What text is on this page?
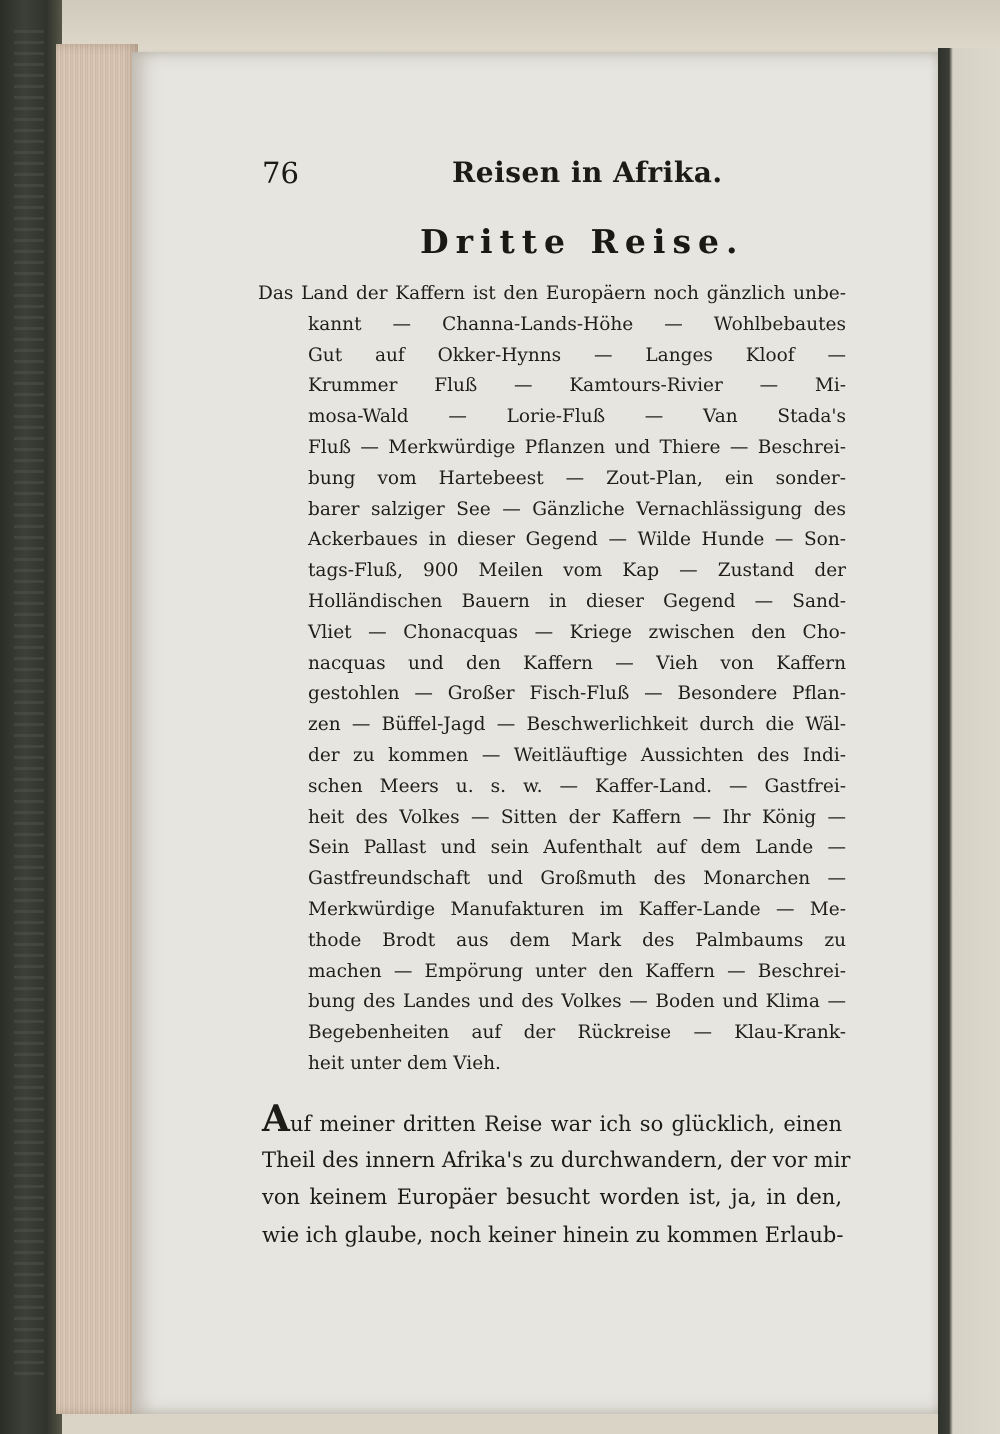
76	Reisen in Afrika.
Dritte Reise.
Das Land der Kaffern ist den Europäern noch gänzlich unbe-
kannt — Channa-Lands-Höhe — Wohlbebautes
Gut auf Okker-Hynns — Langes Kloof —
Krummer Fluß — Kamtours-Rivier — Mi-
mosa-Wald — Lorie-Fluß — Van Stada's
Fluß — Merkwürdige Pflanzen und Thiere — Beschrei-
bung vom Hartebeest — Zout-Plan, ein sonder-
barer salziger See — Gänzliche Vernachlässigung des
Ackerbaues in dieser Gegend — Wilde Hunde — Son-
tags-Fluß, 900 Meilen vom Kap — Zustand der
Holländischen Bauern in dieser Gegend — Sand-
Vliet — Chonacquas — Kriege zwischen den Cho-
nacquas und den Kaffern — Vieh von Kaffern
gestohlen — Großer Fisch-Fluß — Besondere Pflan-
zen — Büffel-Jagd — Beschwerlichkeit durch die Wäl-
der zu kommen — Weitläuftige Aussichten des Indi-
schen Meers u. s. w. — Kaffer-Land. — Gastfrei-
heit des Volkes — Sitten der Kaffern — Ihr König —
Sein Pallast und sein Aufenthalt auf dem Lande —
Gastfreundschaft und Großmuth des Monarchen —
Merkwürdige Manufakturen im Kaffer-Lande — Me-
thode Brodt aus dem Mark des Palmbaums zu
machen — Empörung unter den Kaffern — Beschrei-
bung des Landes und des Volkes — Boden und Klima —
Begebenheiten auf der Rückreise — Klau-Krank-
heit unter dem Vieh.
Auf meiner dritten Reise war ich so glücklich, einen
Theil des innern Afrika's zu durchwandern, der vor mir
von keinem Europäer besucht worden ist, ja, in den,
wie ich glaube, noch keiner hinein zu kommen Erlaub-
